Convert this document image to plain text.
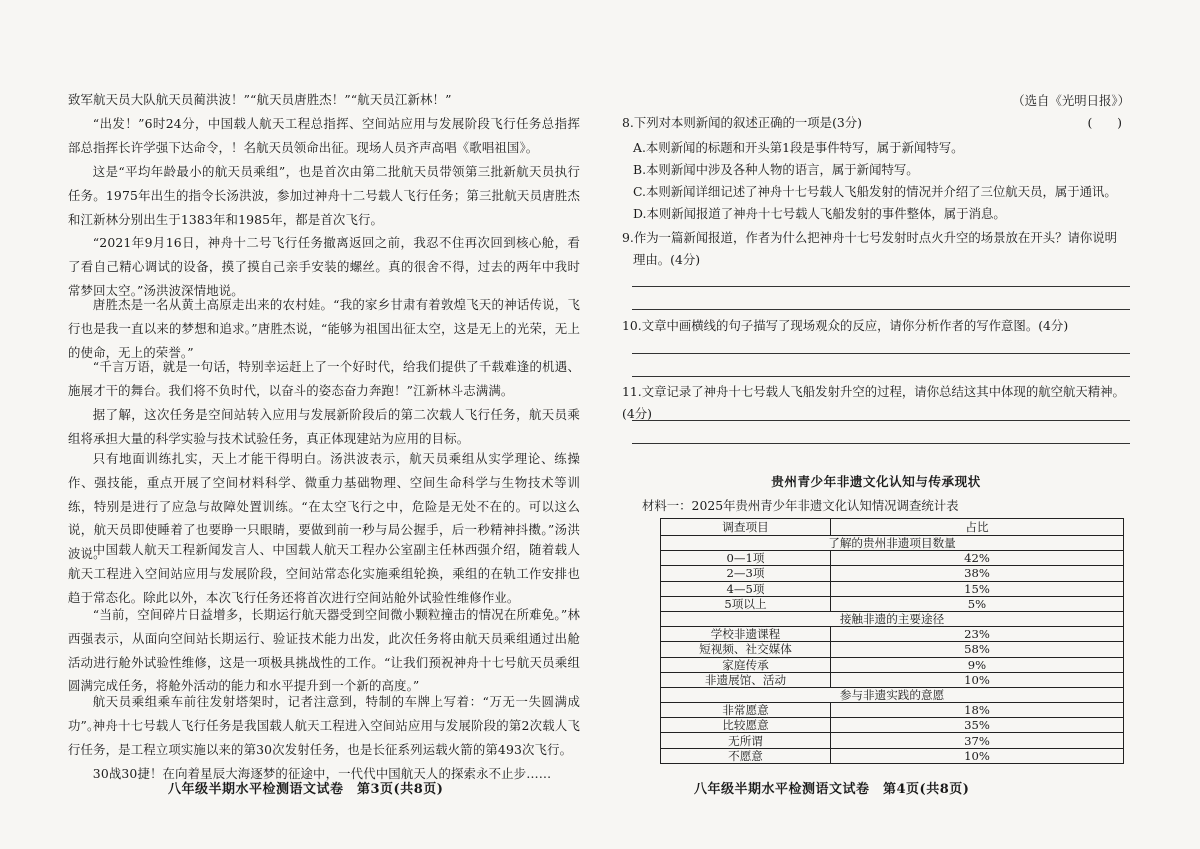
致军航天员大队航天员蔺洪波！”“航天员唐胜杰！”“航天员江新林！”
“出发！”6时24分，中国载人航天工程总指挥、空间站应用与发展阶段飞行任务总指挥部总指挥长许学强下达命令，！名航天员领命出征。现场人员齐声高唱《歌唱祖国》。
这是“平均年龄最小的航天员乘组”，也是首次由第二批航天员带领第三批新航天员执行任务。1975年出生的指令长汤洪波，参加过神舟十二号载人飞行任务；第三批航天员唐胜杰和江新林分别出生于1383年和1985年，都是首次飞行。
“2021年9月16日，神舟十二号飞行任务撤离返回之前，我忍不住再次回到核心舱，看了看自己精心调试的设备，摸了摸自己亲手安装的螺丝。真的很舍不得，过去的两年中我时常梦回太空。”汤洪波深情地说。
唐胜杰是一名从黄土高原走出来的农村娃。“我的家乡甘肃有着敦煌飞天的神话传说，飞行也是我一直以来的梦想和追求。”唐胜杰说，“能够为祖国出征太空，这是无上的光荣，无上的使命，无上的荣誉。”
“千言万语，就是一句话，特别幸运赶上了一个好时代，给我们提供了千载难逢的机遇、施展才干的舞台。我们将不负时代，以奋斗的姿态奋力奔跑！”江新林斗志满满。
据了解，这次任务是空间站转入应用与发展新阶段后的第二次载人飞行任务，航天员乘组将承担大量的科学实验与技术试验任务，真正体现建站为应用的目标。
只有地面训练扎实，天上才能干得明白。汤洪波表示，航天员乘组从实学理论、练操作、强技能，重点开展了空间材料科学、微重力基础物理、空间生命科学与生物技术等训练，特别是进行了应急与故障处置训练。“在太空飞行之中，危险是无处不在的。可以这么说，航天员即使睡着了也要睁一只眼睛，要做到前一秒与局公握手，后一秒精神抖擞。”汤洪波说。
中国载人航天工程新闻发言人、中国载人航天工程办公室副主任林西强介绍，随着载人航天工程进入空间站应用与发展阶段，空间站常态化实施乘组轮换，乘组的在轨工作安排也趋于常态化。除此以外，本次飞行任务还将首次进行空间站舱外试验性维修作业。
“当前，空间碎片日益增多，长期运行航天器受到空间微小颗粒撞击的情况在所难免。”林西强表示，从面向空间站长期运行、验证技术能力出发，此次任务将由航天员乘组通过出舱活动进行舱外试验性维修，这是一项极具挑战性的工作。“让我们预祝神舟十七号航天员乘组圆满完成任务，将舱外活动的能力和水平提升到一个新的高度。”
航天员乘组乘车前往发射塔架时，记者注意到，特制的车牌上写着：“万无一失圆满成功”。
神舟十七号载人飞行任务是我国载人航天工程进入空间站应用与发展阶段的第2次载人飞行任务，是工程立项实施以来的第30次发射任务，也是长征系列运载火箭的第493次飞行。
30战30捷！在向着星辰大海逐梦的征途中，一代代中国航天人的探索永不止步……
八年级半期水平检测语文试卷　第3页(共8页)
（选自《光明日报》）
8.下列对本则新闻的叙述正确的一项是(3分)	(　　)
A.本则新闻的标题和开头第1段是事件特写，属于新闻特写。
B.本则新闻中涉及各种人物的语言，属于新闻特写。
C.本则新闻详细记述了神舟十七号载人飞船发射的情况并介绍了三位航天员，属于通讯。
D.本则新闻报道了神舟十七号载人飞船发射的事件整体，属于消息。
9.作为一篇新闻报道，作者为什么把神舟十七号发射时点火升空的场景放在开头？请你说明
理由。(4分)
10.文章中画横线的句子描写了现场观众的反应，请你分析作者的写作意图。(4分)
11.文章记录了神舟十七号载人飞船发射升空的过程，请你总结这其中体现的航空航天精神。(4分)
贵州青少年非遗文化认知与传承现状
材料一：2025年贵州青少年非遗文化认知情况调查统计表
调查项目	占比
了解的贵州非遗项目数量	
0—1项	42%
2—3项	38%
4—5项	15%
5项以上	5%
接触非遗的主要途径	
学校非遗课程	23%
短视频、社交媒体	58%
家庭传承	9%
非遗展馆、活动	10%
参与非遗实践的意愿	
非常愿意	18%
比较愿意	35%
无所谓	37%
不愿意	10%
八年级半期水平检测语文试卷　第4页(共8页)
